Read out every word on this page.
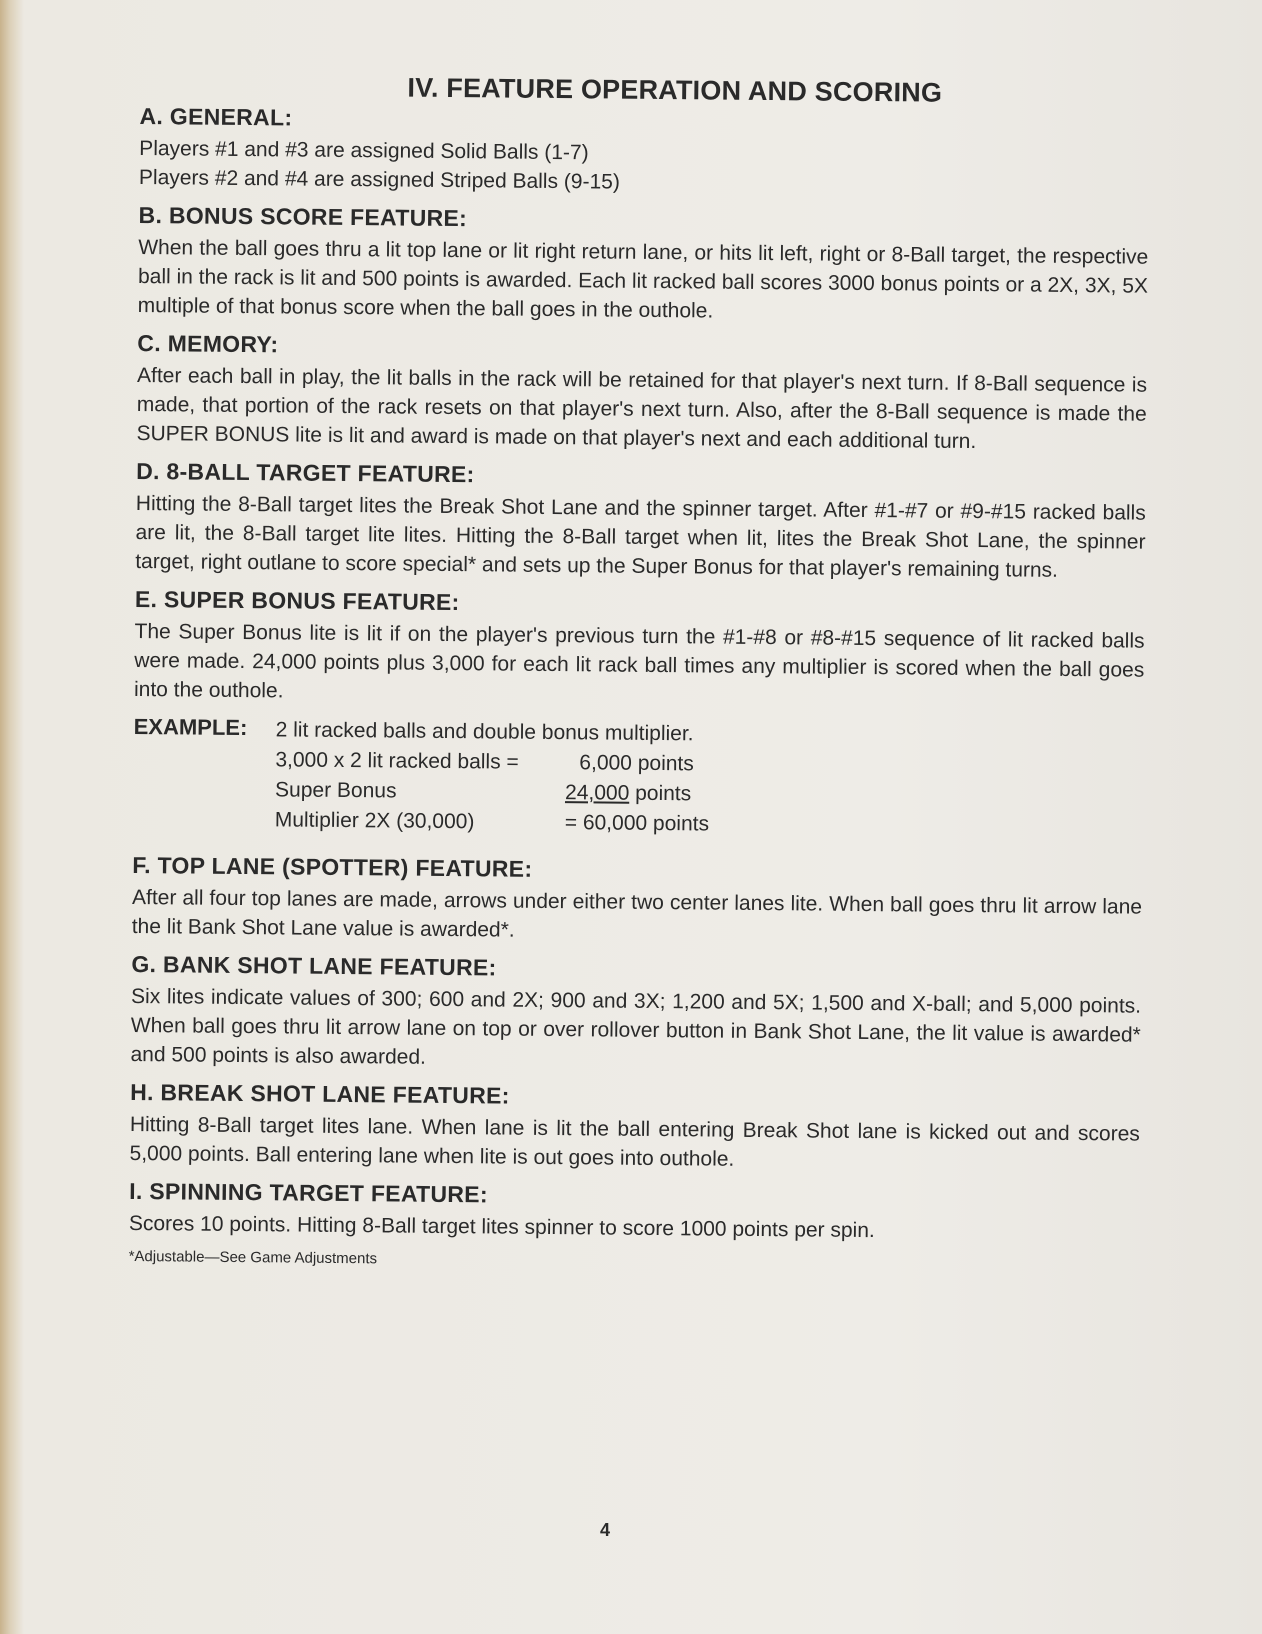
IV. FEATURE OPERATION AND SCORING
A. GENERAL:
Players #1 and #3 are assigned Solid Balls (1-7)
Players #2 and #4 are assigned Striped Balls (9-15)
B. BONUS SCORE FEATURE:

When the ball goes thru a lit top lane or lit right return lane, or hits lit left, right or 8-Ball target, the respective ball in the rack is lit and 500 points is awarded. Each lit racked ball scores 3000 bonus points or a 2X, 3X, 5X multiple of that bonus score when the ball goes in the outhole.

C. MEMORY:

After each ball in play, the lit balls in the rack will be retained for that player's next turn. If 8-Ball sequence is made, that portion of the rack resets on that player's next turn. Also, after the 8-Ball sequence is made the SUPER BONUS lite is lit and award is made on that player's next and each additional turn.

D. 8-BALL TARGET FEATURE:

Hitting the 8-Ball target lites the Break Shot Lane and the spinner target. After #1-#7 or #9-#15 racked balls are lit, the 8-Ball target lite lites. Hitting the 8-Ball target when lit, lites the Break Shot Lane, the spinner target, right outlane to score special* and sets up the Super Bonus for that player's remaining turns.

E. SUPER BONUS FEATURE:

The Super Bonus lite is lit if on the player's previous turn the #1-#8 or #8-#15 sequence of lit racked balls were made. 24,000 points plus 3,000 for each lit rack ball times any multiplier is scored when the ball goes into the outhole.

EXAMPLE:	2 lit racked balls and double bonus multiplier.
3,000 x 2 lit racked balls =	6,000 points
Super Bonus	24,000 points
Multiplier 2X (30,000)	= 60,000 points
F. TOP LANE (SPOTTER) FEATURE:

After all four top lanes are made, arrows under either two center lanes lite. When ball goes thru lit arrow lane the lit Bank Shot Lane value is awarded*.

G. BANK SHOT LANE FEATURE:

Six lites indicate values of 300; 600 and 2X; 900 and 3X; 1,200 and 5X; 1,500 and X-ball; and 5,000 points. When ball goes thru lit arrow lane on top or over rollover button in Bank Shot Lane, the lit value is awarded* and 500 points is also awarded.

H. BREAK SHOT LANE FEATURE:

Hitting 8-Ball target lites lane. When lane is lit the ball entering Break Shot lane is kicked out and scores 5,000 points. Ball entering lane when lite is out goes into outhole.

I. SPINNING TARGET FEATURE:

Scores 10 points. Hitting 8-Ball target lites spinner to score 1000 points per spin.

*Adjustable—See Game Adjustments
4
